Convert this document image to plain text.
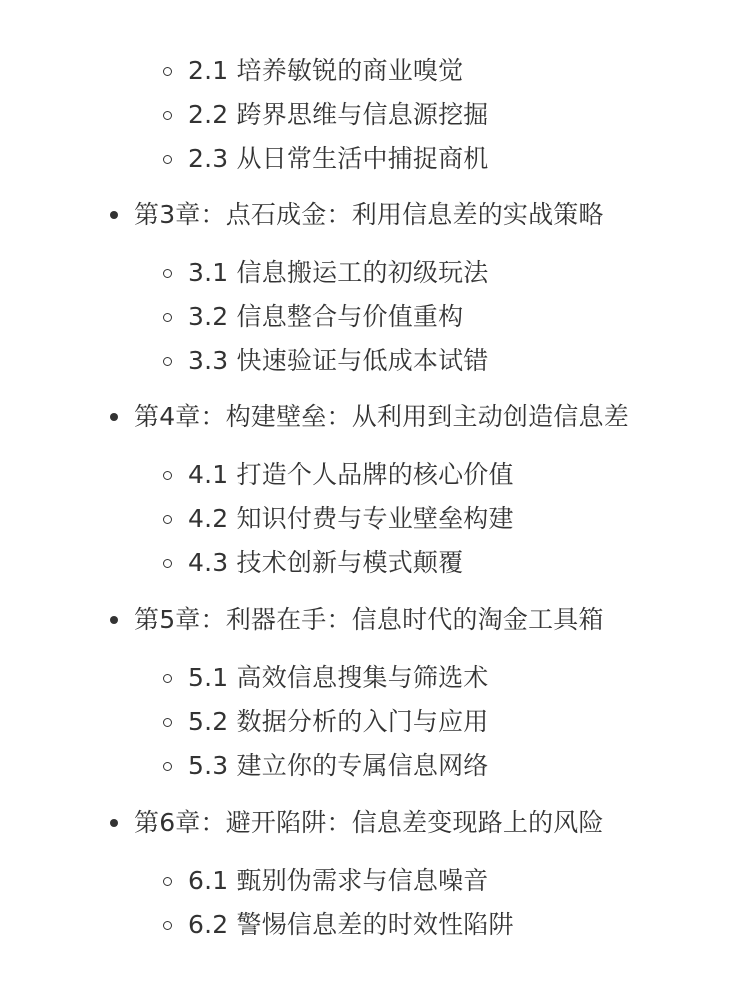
2.1 培养敏锐的商业嗅觉
2.2 跨界思维与信息源挖掘
2.3 从日常生活中捕捉商机
第3章：点石成金：利用信息差的实战策略
3.1 信息搬运工的初级玩法
3.2 信息整合与价值重构
3.3 快速验证与低成本试错
第4章：构建壁垒：从利用到主动创造信息差
4.1 打造个人品牌的核心价值
4.2 知识付费与专业壁垒构建
4.3 技术创新与模式颠覆
第5章：利器在手：信息时代的淘金工具箱
5.1 高效信息搜集与筛选术
5.2 数据分析的入门与应用
5.3 建立你的专属信息网络
第6章：避开陷阱：信息差变现路上的风险
6.1 甄别伪需求与信息噪音
6.2 警惕信息差的时效性陷阱
